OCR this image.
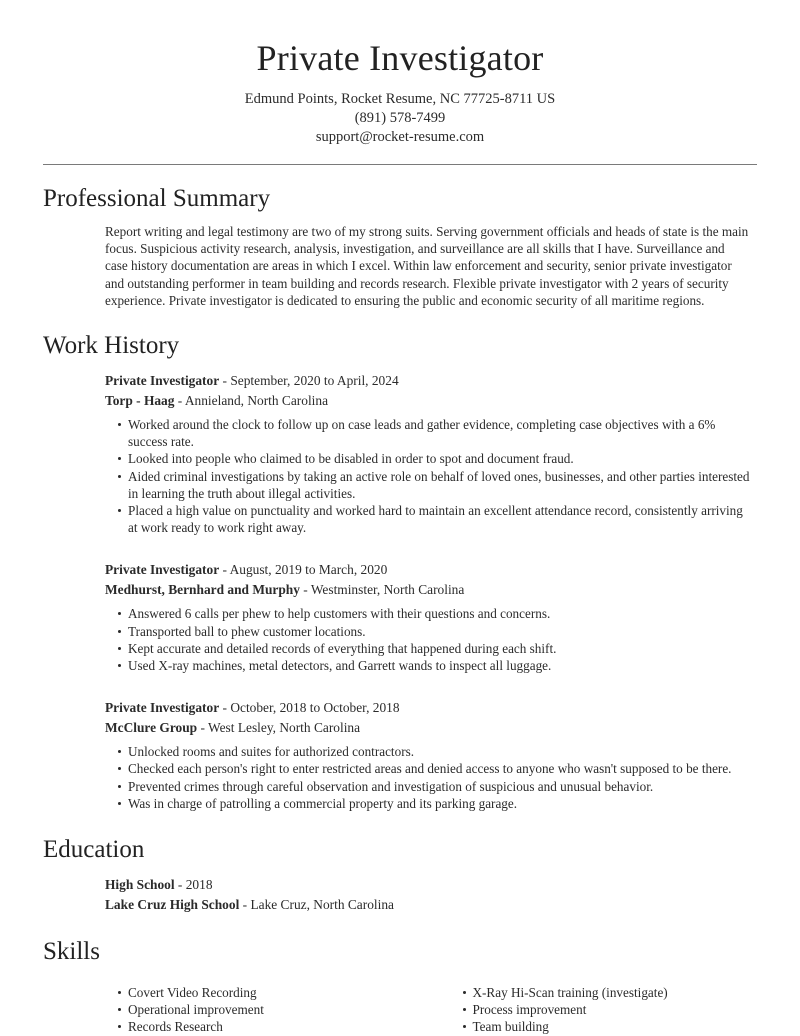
Private Investigator

Edmund Points, Rocket Resume, NC 77725-8711 US

(891) 578-7499

support@rocket-resume.com

Professional Summary

Report writing and legal testimony are two of my strong suits. Serving government officials and heads of state is the main focus. Suspicious activity research, analysis, investigation, and surveillance are all skills that I have. Surveillance and case history documentation are areas in which I excel. Within law enforcement and security, senior private investigator and outstanding performer in team building and records research. Flexible private investigator with 2 years of security experience. Private investigator is dedicated to ensuring the public and economic security of all maritime regions.

Work History

Private Investigator - September, 2020 to April, 2024

Torp - Haag - Annieland, North Carolina

Worked around the clock to follow up on case leads and gather evidence, completing case objectives with a 6% success rate.
Looked into people who claimed to be disabled in order to spot and document fraud.
Aided criminal investigations by taking an active role on behalf of loved ones, businesses, and other parties interested in learning the truth about illegal activities.
Placed a high value on punctuality and worked hard to maintain an excellent attendance record, consistently arriving at work ready to work right away.

Private Investigator - August, 2019 to March, 2020

Medhurst, Bernhard and Murphy - Westminster, North Carolina

Answered 6 calls per phew to help customers with their questions and concerns.
Transported ball to phew customer locations.
Kept accurate and detailed records of everything that happened during each shift.
Used X-ray machines, metal detectors, and Garrett wands to inspect all luggage.

Private Investigator - October, 2018 to October, 2018

McClure Group - West Lesley, North Carolina

Unlocked rooms and suites for authorized contractors.
Checked each person's right to enter restricted areas and denied access to anyone who wasn't supposed to be there.
Prevented crimes through careful observation and investigation of suspicious and unusual behavior.
Was in charge of patrolling a commercial property and its parking garage.
Education

High School - 2018

Lake Cruz High School - Lake Cruz, North Carolina

Skills
Covert Video Recording
Operational improvement
Records Research
X-Ray Hi-Scan training (investigate)
Process improvement
Team building
